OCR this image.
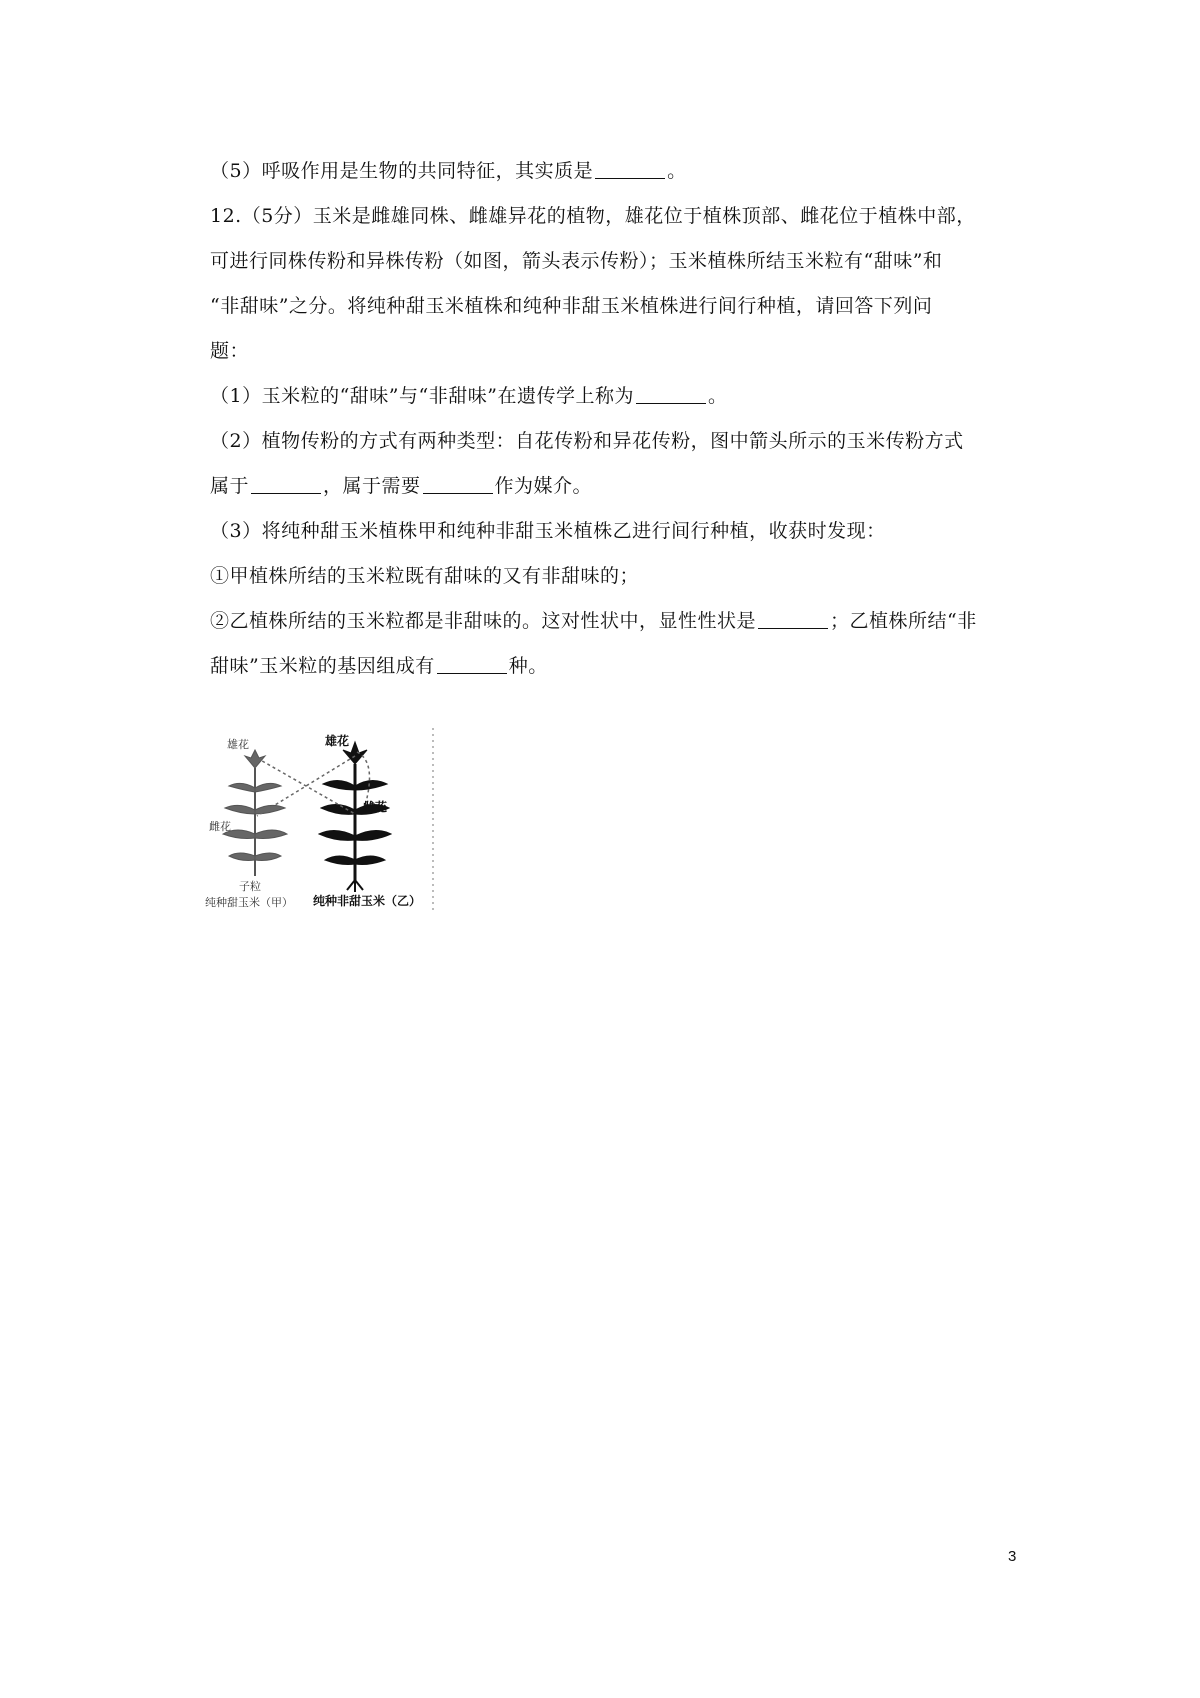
（5）呼吸作用是生物的共同特征，其实质是	。
12.（5分）玉米是雌雄同株、雌雄异花的植物，雄花位于植株顶部、雌花位于植株中部，
可进行同株传粉和异株传粉（如图，箭头表示传粉）；玉米植株所结玉米粒有“甜味”和
“非甜味”之分。将纯种甜玉米植株和纯种非甜玉米植株进行间行种植，请回答下列问
题：
（1）玉米粒的“甜味”与“非甜味”在遗传学上称为	。
（2）植物传粉的方式有两种类型：自花传粉和异花传粉，图中箭头所示的玉米传粉方式
属于	，属于需要	作为媒介。
（3）将纯种甜玉米植株甲和纯种非甜玉米植株乙进行间行种植，收获时发现：
①甲植株所结的玉米粒既有甜味的又有非甜味的；
②乙植株所结的玉米粒都是非甜味的。这对性状中，显性性状是	；乙植株所结“非
甜味”玉米粒的基因组成有	种。
雄花
雌花
子粒
雄花
雌花
纯种甜玉米（甲） 纯种非甜玉米（乙）
3
